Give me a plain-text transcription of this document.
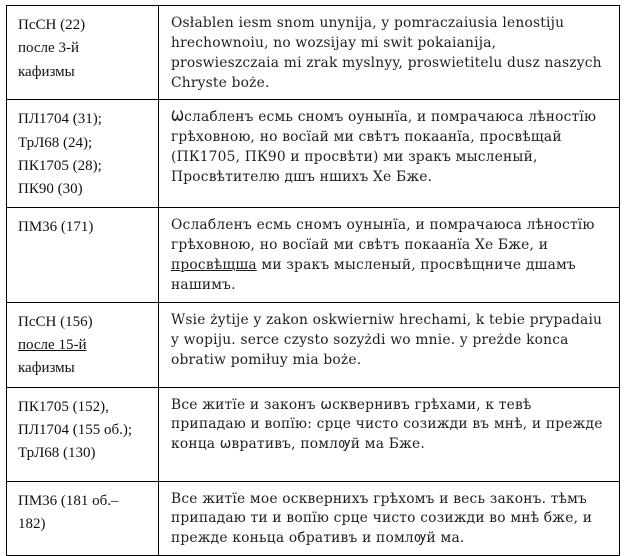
ПсСН (22)
после 3-й
кафизмы	Osłablen iesm snom unynija, y pomraczaiusia lenostiju hrechownoiu, no wozsijay mi swit pokaianija, proswieszczaia mi zrak myslnyy, proswietitelu dusz naszych Chryste boże.

ПЛ1704 (31);
ТрЛ68 (24);
ПК1705 (28);
ПК90 (30)	Ѡслабленъ есмь сномъ оунынїа, и помрачаюса лѣностїю грѣховною, но восїай ми свѣтъ покаанїа, просвѣщай (ПК1705, ПК90 и просвѣти) ми зракъ мысленый, Просвѣтителю дшъ ншихъ Хе Бже.

ПМ36 (171)	Ослабленъ есмь сномъ оунынїа, и помрачаюса лѣностїю грѣховною, но восїай ми свѣтъ покаанїа Хе Бже, и просвѣщша ми зракъ мысленый, просвѣщниче дшамъ нашимъ.

ПсСН (156)
после 15-й
кафизмы	Wsie żytije y zakon oskwierniw hrechami, k tebie prypadaiu y wopiju. serce czysto sozyżdi wo mnie. y preżde konca obratiw pomiłuy mia boże.

ПК1705 (152),
ПЛ1704 (155 об.);
ТрЛ68 (130)	Все житїе и законъ ѡсквернивъ грѣхами, к тевѣ припадаю и вопїю: срце чисто созижди въ мнѣ, и прежде конца ѡвративъ, помлѹй ма Бже.

ПМ36 (181 об.–
182)	Все житїе мое осквернихъ грѣхомъ и весь законъ. тѣмъ припадаю ти и вопїю срце чисто созижди во мнѣ бже, и прежде коньца обративъ и помлѹй ма.
